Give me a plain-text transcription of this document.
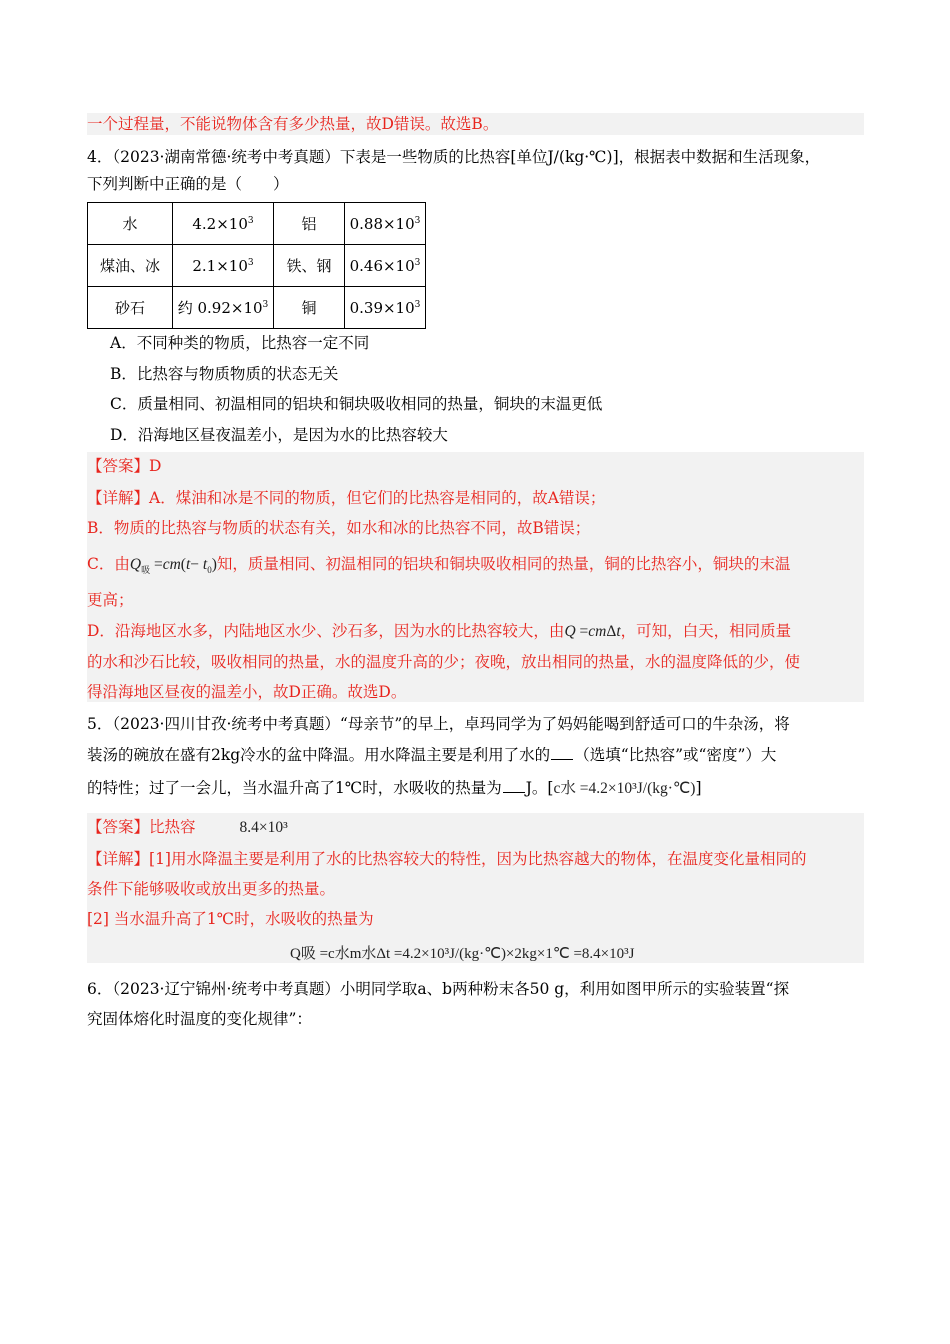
一个过程量，不能说物体含有多少热量，故D错误。故选B。
4．（2023·湖南常德·统考中考真题）下表是一些物质的比热容[单位J/(kg·℃)]，根据表中数据和生活现象，
下列判断中正确的是（　　）
水	$4.2\times 10^3$	铝	$0.88\times 10^3$
煤油、冰	$2.1\times 10^3$	铁、钢	$0.46\times 10^3$
砂石	约 $0.92\times 10^3$	铜	$0.39\times 10^3$
A．不同种类的物质，比热容一定不同
B．比热容与物质物质的状态无关
C．质量相同、初温相同的铝块和铜块吸收相同的热量，铜块的末温更低
D．沿海地区昼夜温差小，是因为水的比热容较大
【答案】D
【详解】A．煤油和冰是不同的物质，但它们的比热容是相同的，故A错误；
B．物质的比热容与物质的状态有关，如水和冰的比热容不同，故B错误；
C．由$Q_吸 =cm(t- t_0)$知，质量相同、初温相同的铝块和铜块吸收相同的热量，铜的比热容小，铜块的末温
更高；
D．沿海地区水多，内陆地区水少、沙石多，因为水的比热容较大，由Q =cmΔt，可知，白天，相同质量
的水和沙石比较，吸收相同的热量，水的温度升高的少；夜晚，放出相同的热量，水的温度降低的少，使
得沿海地区昼夜的温差小，故D正确。故选D。
5．（2023·四川甘孜·统考中考真题）“母亲节”的早上，卓玛同学为了妈妈能喝到舒适可口的牛杂汤，将
装汤的碗放在盛有2kg冷水的盆中降温。用水降温主要是利用了水的 （选填“比热容”或“密度”）大
的特性；过了一会儿，当水温升高了1℃时，水吸收的热量为 J。[c水 =4.2×10³J/(kg·℃)]
【答案】比热容	8.4×10³
【详解】[1]用水降温主要是利用了水的比热容较大的特性，因为比热容越大的物体，在温度变化量相同的
条件下能够吸收或放出更多的热量。
[2] 当水温升高了1℃时，水吸收的热量为
Q吸 =c水m水Δt =4.2×10³J/(kg·℃)×2kg×1℃ =8.4×10³J
6．（2023·辽宁锦州·统考中考真题）小明同学取a、b两种粉末各50 g，利用如图甲所示的实验装置“探
究固体熔化时温度的变化规律”：
